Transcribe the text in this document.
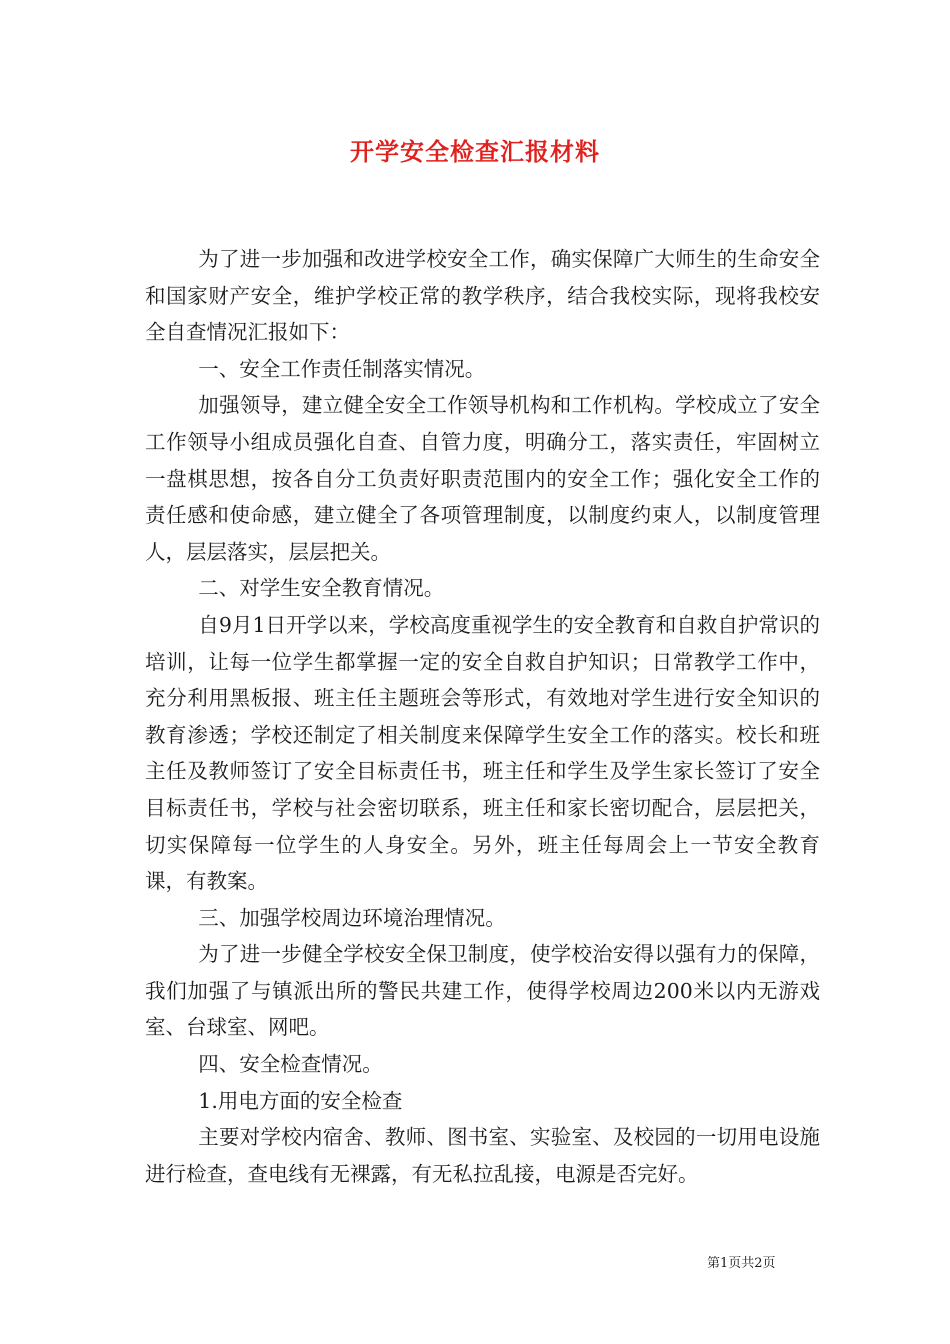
开学安全检查汇报材料

为了进一步加强和改进学校安全工作，确实保障广大师生的生命安全和国家财产安全，维护学校正常的教学秩序，结合我校实际，现将我校安全自查情况汇报如下：

一、安全工作责任制落实情况。

加强领导，建立健全安全工作领导机构和工作机构。学校成立了安全工作领导小组成员强化自查、自管力度，明确分工，落实责任，牢固树立一盘棋思想，按各自分工负责好职责范围内的安全工作；强化安全工作的责任感和使命感，建立健全了各项管理制度，以制度约束人，以制度管理人，层层落实，层层把关。

二、对学生安全教育情况。

自9月1日开学以来，学校高度重视学生的安全教育和自救自护常识的培训，让每一位学生都掌握一定的安全自救自护知识；日常教学工作中，充分利用黑板报、班主任主题班会等形式，有效地对学生进行安全知识的教育渗透；学校还制定了相关制度来保障学生安全工作的落实。校长和班主任及教师签订了安全目标责任书，班主任和学生及学生家长签订了安全目标责任书，学校与社会密切联系，班主任和家长密切配合，层层把关，切实保障每一位学生的人身安全。另外，班主任每周会上一节安全教育课，有教案。

三、加强学校周边环境治理情况。

为了进一步健全学校安全保卫制度，使学校治安得以强有力的保障，我们加强了与镇派出所的警民共建工作，使得学校周边200米以内无游戏室、台球室、网吧。

四、安全检查情况。

1.用电方面的安全检查

主要对学校内宿舍、教师、图书室、实验室、及校园的一切用电设施进行检查，查电线有无裸露，有无私拉乱接，电源是否完好。

第1页共2页
